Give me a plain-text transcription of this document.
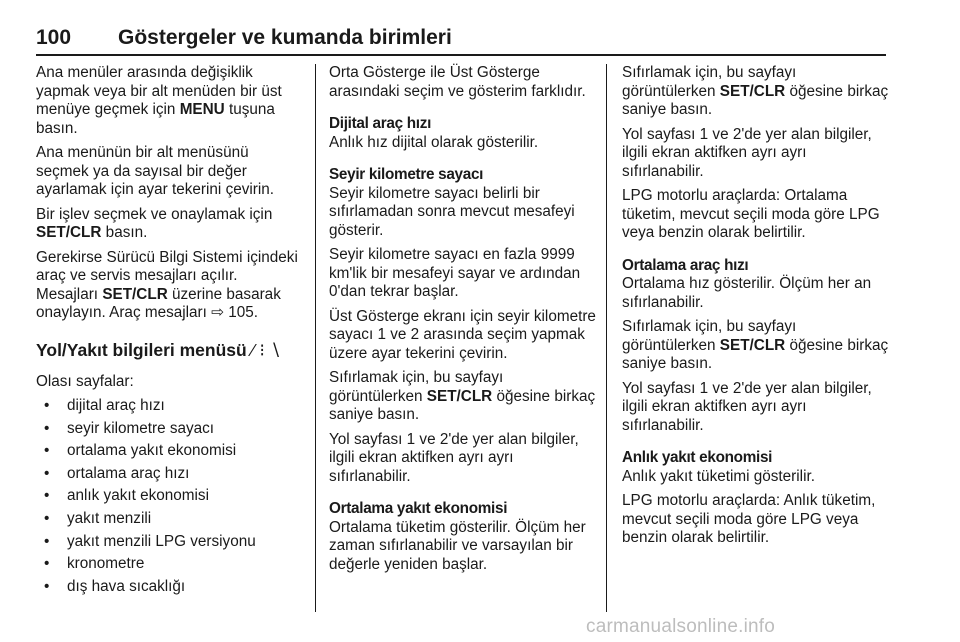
100 Göstergeler ve kumanda birimleri

Ana menüler arasında değişiklik yapmak veya bir alt menüden bir üst menüye geçmek için MENU tuşuna basın.

Ana menünün bir alt menüsünü seçmek ya da sayısal bir değer ayarlamak için ayar tekerini çevirin.

Bir işlev seçmek ve onaylamak için SET/CLR basın.

Gerekirse Sürücü Bilgi Sistemi içindeki araç ve servis mesajları açılır. Mesajları SET/CLR üzerine basarak onaylayın. Araç mesajları ⇨ 105.

Yol/Yakıt bilgileri menüsü ⁄ ⁝ ∖

Olası sayfalar:

• dijital araç hızı
• seyir kilometre sayacı
• ortalama yakıt ekonomisi
• ortalama araç hızı
• anlık yakıt ekonomisi
• yakıt menzili
• yakıt menzili LPG versiyonu
• kronometre
• dış hava sıcaklığı

Orta Gösterge ile Üst Gösterge arasındaki seçim ve gösterim farklıdır.

Dijital araç hızı

Anlık hız dijital olarak gösterilir.

Seyir kilometre sayacı

Seyir kilometre sayacı belirli bir sıfırlamadan sonra mevcut mesafeyi gösterir.

Seyir kilometre sayacı en fazla 9999 km'lik bir mesafeyi sayar ve ardından 0'dan tekrar başlar.

Üst Gösterge ekranı için seyir kilometre sayacı 1 ve 2 arasında seçim yapmak üzere ayar tekerini çevirin.

Sıfırlamak için, bu sayfayı görüntülerken SET/CLR öğesine birkaç saniye basın.

Yol sayfası 1 ve 2'de yer alan bilgiler, ilgili ekran aktifken ayrı ayrı sıfırlanabilir.

Ortalama yakıt ekonomisi

Ortalama tüketim gösterilir. Ölçüm her zaman sıfırlanabilir ve varsayılan bir değerle yeniden başlar.

Sıfırlamak için, bu sayfayı görüntülerken SET/CLR öğesine birkaç saniye basın.

Yol sayfası 1 ve 2'de yer alan bilgiler, ilgili ekran aktifken ayrı ayrı sıfırlanabilir.

LPG motorlu araçlarda: Ortalama tüketim, mevcut seçili moda göre LPG veya benzin olarak belirtilir.

Ortalama araç hızı

Ortalama hız gösterilir. Ölçüm her an sıfırlanabilir.

Sıfırlamak için, bu sayfayı görüntülerken SET/CLR öğesine birkaç saniye basın.

Yol sayfası 1 ve 2'de yer alan bilgiler, ilgili ekran aktifken ayrı ayrı sıfırlanabilir.

Anlık yakıt ekonomisi

Anlık yakıt tüketimi gösterilir.

LPG motorlu araçlarda: Anlık tüketim, mevcut seçili moda göre LPG veya benzin olarak belirtilir.

carmanualsonline.info
